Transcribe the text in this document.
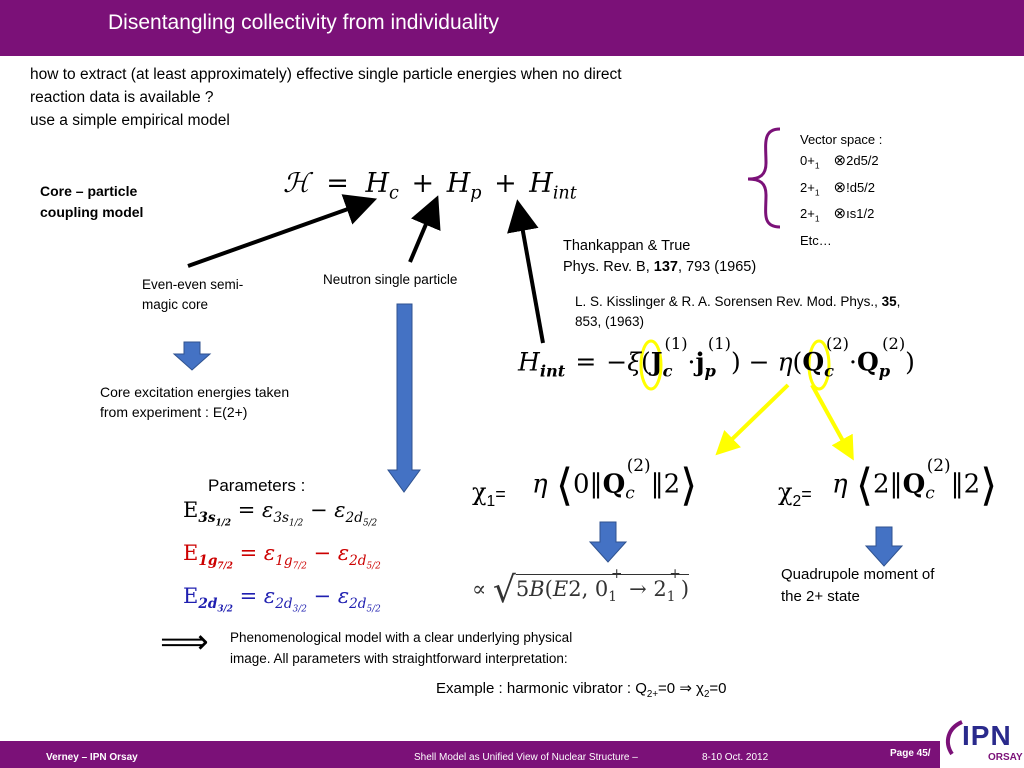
Disentangling collectivity from individuality
how to extract (at least approximately) effective single particle energies when no direct
reaction data is available ?
use a simple empirical model
Vector space :
$0+_1$ ⊗2d5/2
$2+_1$ ⊗!d5/2
$2+_1$ ⊗ıs1/2
Etc…
Core – particle
coupling model
ℋ = $H_c + H_p + H_{int}$
Thankappan & True
Phys. Rev. B, 137, 793 (1965)
L. S. Kisslinger & R. A. Sorensen Rev. Mod. Phys., 35,
853, (1963)
$H_{int} = -\xi(J_c^{(1)}\cdot j_p^{(1)}) - \eta(Q_c^{(2)}\cdot Q_p^{(2)})$
Even-even semi-
magic core
Neutron single particle
Core excitation energies taken
from experiment : E(2+)
Parameters :
$E_{3s_{1/2}} = \varepsilon_{3s_{1/2}} - \varepsilon_{2d_{5/2}}$
$E_{1g_{7/2}} = \varepsilon_{1g_{7/2}} - \varepsilon_{2d_{5/2}}$
$E_{2d_{3/2}} = \varepsilon_{2d_{3/2}} - \varepsilon_{2d_{5/2}}$
$\chi_1= \eta$ $⟨0‖Q_c^{(2)}‖2⟩$	$\chi_2= \eta$ $⟨2‖Q_c^{(2)}‖2⟩$
∝ √5B(E2, $0_1^+ \to 2_1^+$)
Quadrupole moment of
the 2+ state
⟹ Phenomenological model with a clear underlying physical
image. All parameters with straightforward interpretation:
Example : harmonic vibrator : $Q_{2+}=0$ ⇒ $\chi_2=0$
Verney – IPN Orsay	Shell Model as Unified View of Nuclear Structure –	8-10 Oct. 2012	Page 45/
IPN
ORSAY
